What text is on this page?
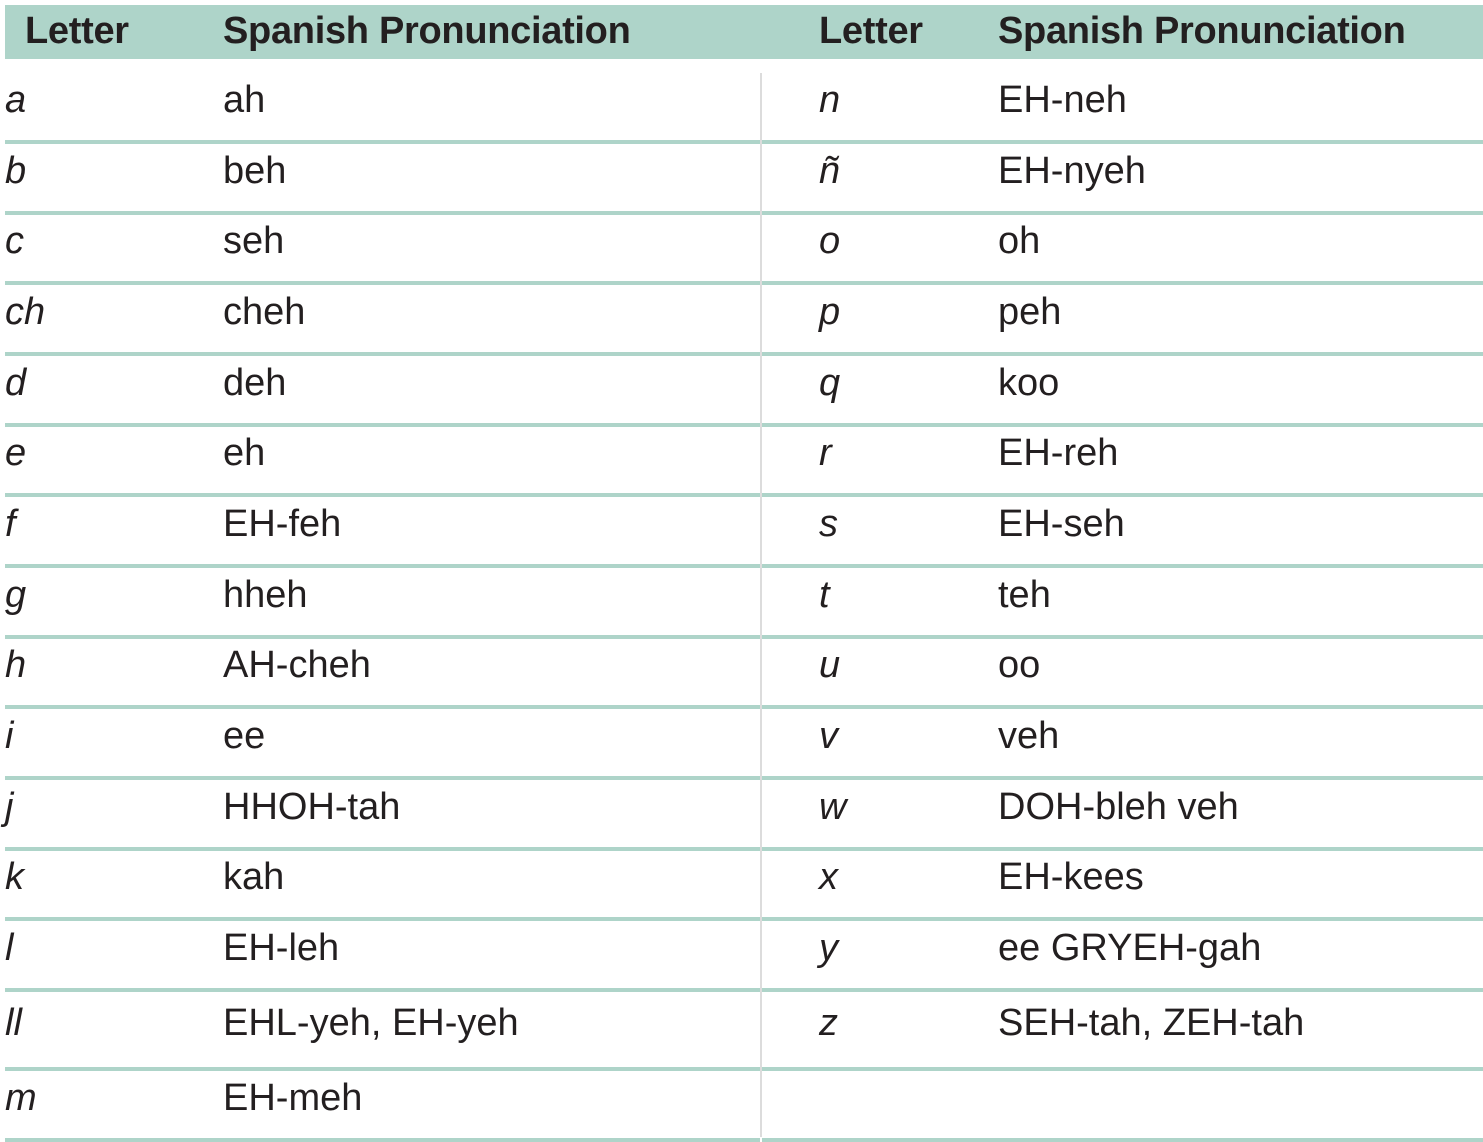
Letter Spanish Pronunciation	Letter Spanish Pronunciation
a	ah	n	EH-neh
b	beh	ñ	EH-nyeh
c	seh	o	oh
ch	cheh	p	peh
d	deh	q	koo
e	eh	r	EH-reh
f	EH-feh	s	EH-seh
g	hheh	t	teh
h	AH-cheh	u	oo
i	ee	v	veh
j	HHOH-tah	w	DOH-bleh veh
k	kah	x	EH-kees
l	EH-leh	y	ee GRYEH-gah
ll	EHL-yeh, EH-yeh	z	SEH-tah, ZEH-tah
m	EH-meh
